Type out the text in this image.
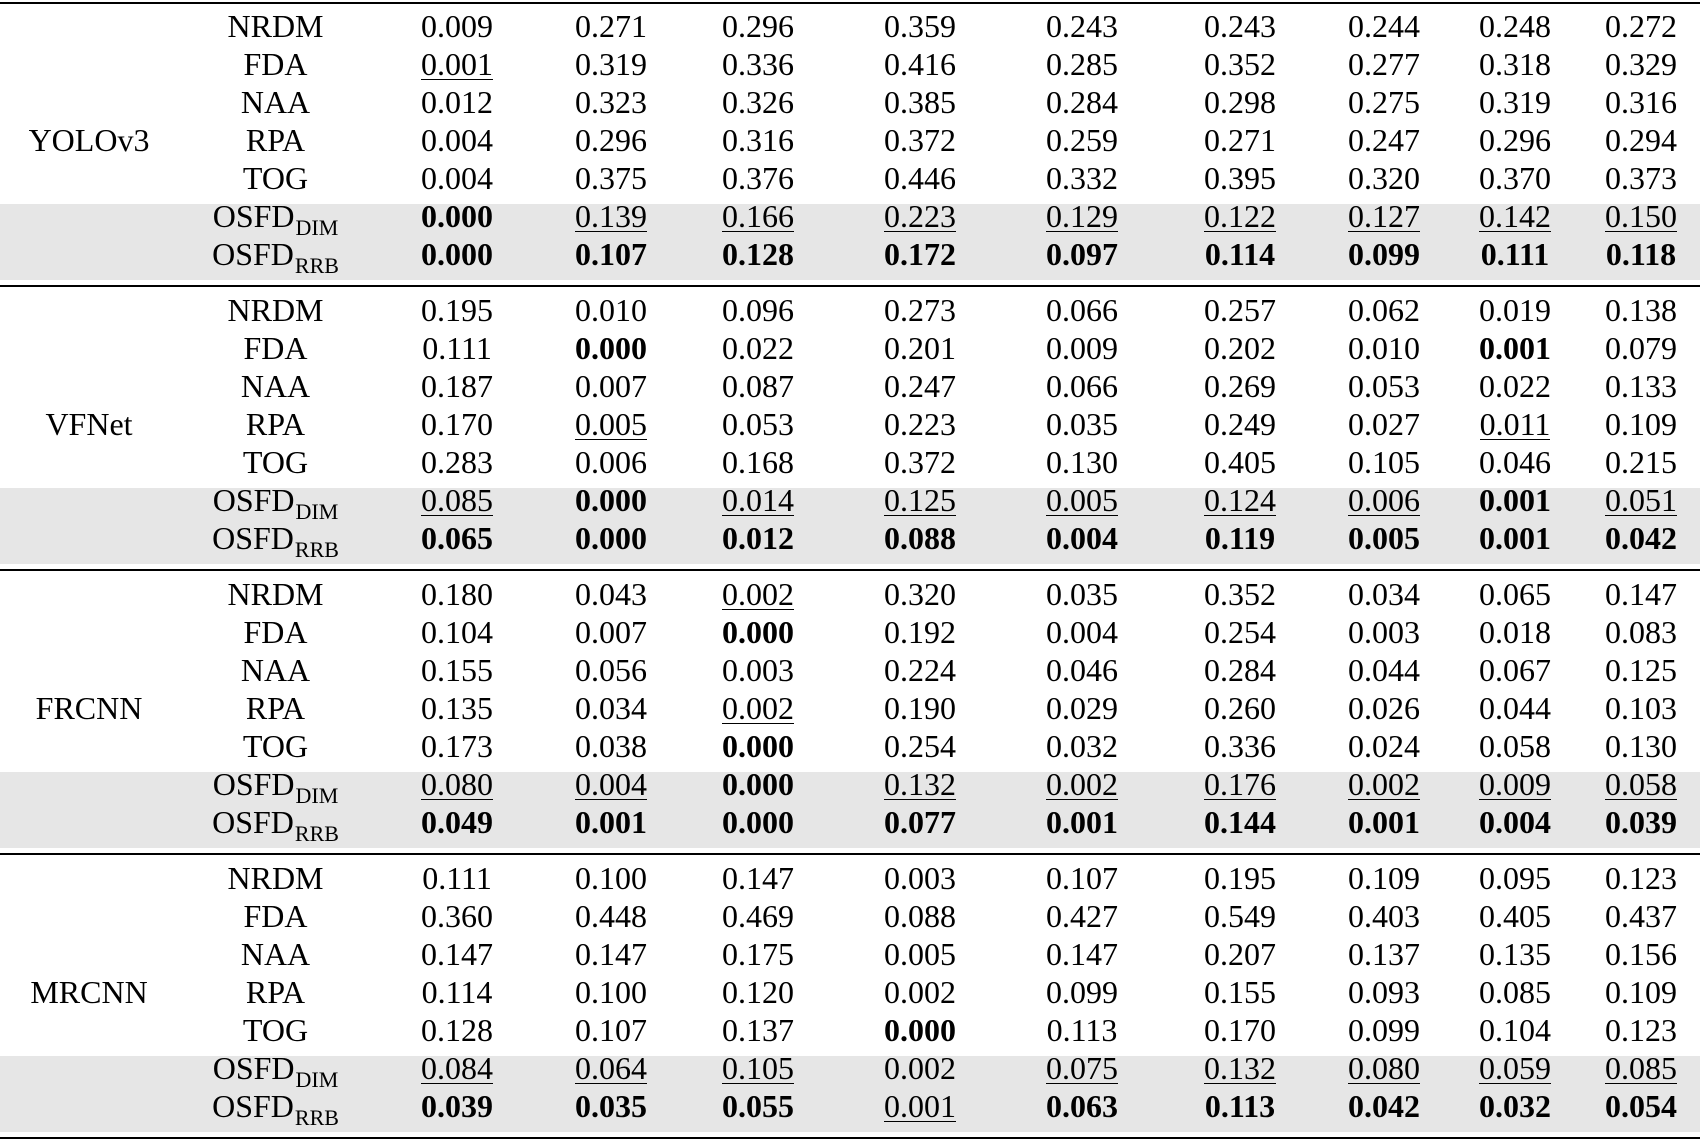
YOLOv3
NRDM	0.009	0.271	0.296	0.359	0.243	0.243	0.244	0.248	0.272
FDA	0.001	0.319	0.336	0.416	0.285	0.352	0.277	0.318	0.329
NAA	0.012	0.323	0.326	0.385	0.284	0.298	0.275	0.319	0.316
RPA	0.004	0.296	0.316	0.372	0.259	0.271	0.247	0.296	0.294
TOG	0.004	0.375	0.376	0.446	0.332	0.395	0.320	0.370	0.373
$OSFD_{DIM}$	0.000	0.139	0.166	0.223	0.129	0.122	0.127	0.142	0.150
$OSFD_{RRB}$	0.000	0.107	0.128	0.172	0.097	0.114	0.099	0.111	0.118
VFNet
NRDM	0.195	0.010	0.096	0.273	0.066	0.257	0.062	0.019	0.138
FDA	0.111	0.000	0.022	0.201	0.009	0.202	0.010	0.001	0.079
NAA	0.187	0.007	0.087	0.247	0.066	0.269	0.053	0.022	0.133
RPA	0.170	0.005	0.053	0.223	0.035	0.249	0.027	0.011	0.109
TOG	0.283	0.006	0.168	0.372	0.130	0.405	0.105	0.046	0.215
$OSFD_{DIM}$	0.085	0.000	0.014	0.125	0.005	0.124	0.006	0.001	0.051
$OSFD_{RRB}$	0.065	0.000	0.012	0.088	0.004	0.119	0.005	0.001	0.042
FRCNN
NRDM	0.180	0.043	0.002	0.320	0.035	0.352	0.034	0.065	0.147
FDA	0.104	0.007	0.000	0.192	0.004	0.254	0.003	0.018	0.083
NAA	0.155	0.056	0.003	0.224	0.046	0.284	0.044	0.067	0.125
RPA	0.135	0.034	0.002	0.190	0.029	0.260	0.026	0.044	0.103
TOG	0.173	0.038	0.000	0.254	0.032	0.336	0.024	0.058	0.130
$OSFD_{DIM}$	0.080	0.004	0.000	0.132	0.002	0.176	0.002	0.009	0.058
$OSFD_{RRB}$	0.049	0.001	0.000	0.077	0.001	0.144	0.001	0.004	0.039
MRCNN
NRDM	0.111	0.100	0.147	0.003	0.107	0.195	0.109	0.095	0.123
FDA	0.360	0.448	0.469	0.088	0.427	0.549	0.403	0.405	0.437
NAA	0.147	0.147	0.175	0.005	0.147	0.207	0.137	0.135	0.156
RPA	0.114	0.100	0.120	0.002	0.099	0.155	0.093	0.085	0.109
TOG	0.128	0.107	0.137	0.000	0.113	0.170	0.099	0.104	0.123
$OSFD_{DIM}$	0.084	0.064	0.105	0.002	0.075	0.132	0.080	0.059	0.085
$OSFD_{RRB}$	0.039	0.035	0.055	0.001	0.063	0.113	0.042	0.032	0.054
